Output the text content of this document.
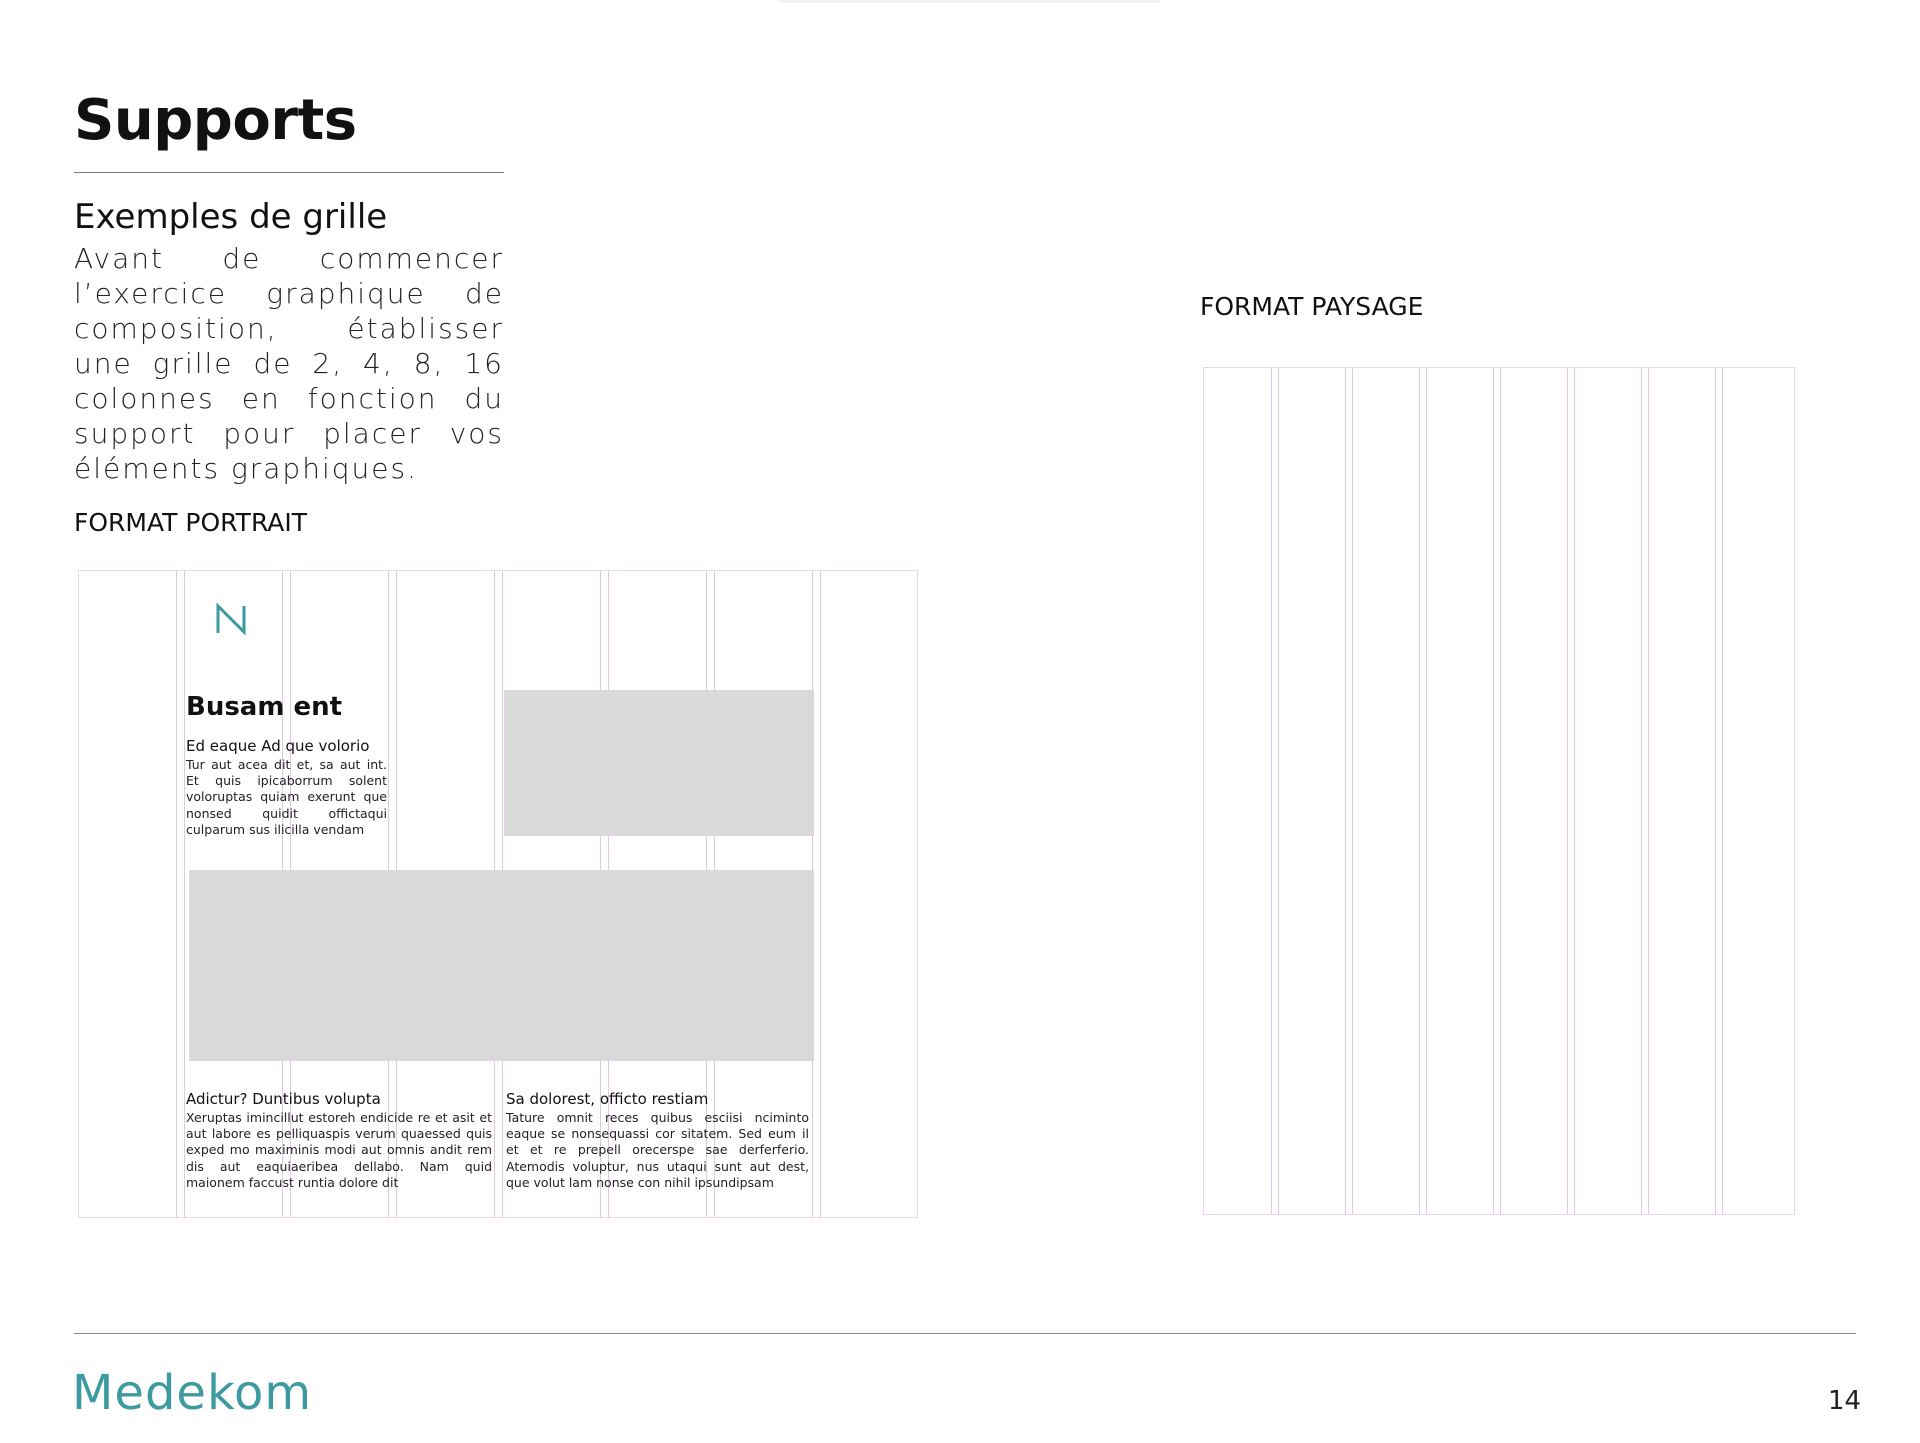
Supports
Exemples de grille

Avant de commencer l’exercice graphique de composition, établisser une grille de 2, 4, 8, 16 colonnes en fonction du support pour placer vos éléments graphiques.

FORMAT PORTRAIT
FORMAT PAYSAGE
Busam ent
Ed eaque Ad que volorio

Tur aut acea dit et, sa aut int. Et quis ipicaborrum solent voloruptas quiam exerunt que nonsed quidit offictaqui culparum sus ilicilla vendam

Adictur? Duntibus volupta

Xeruptas imincillut estoreh endicide re et asit et aut labore es pelliquaspis verum quaessed quis exped mo maximinis modi aut omnis andit rem dis aut eaquiaeribea dellabo. Nam quid maionem faccust runtia dolore dit

Sa dolorest, officto restiam

Tature omnit reces quibus esciisi nciminto eaque se nonsequassi cor sitatem. Sed eum il et et re prepell orecerspe sae derferferio. Atemodis voluptur, nus utaqui sunt aut dest, que volut lam nonse con nihil ipsundipsam

Medekom	14
